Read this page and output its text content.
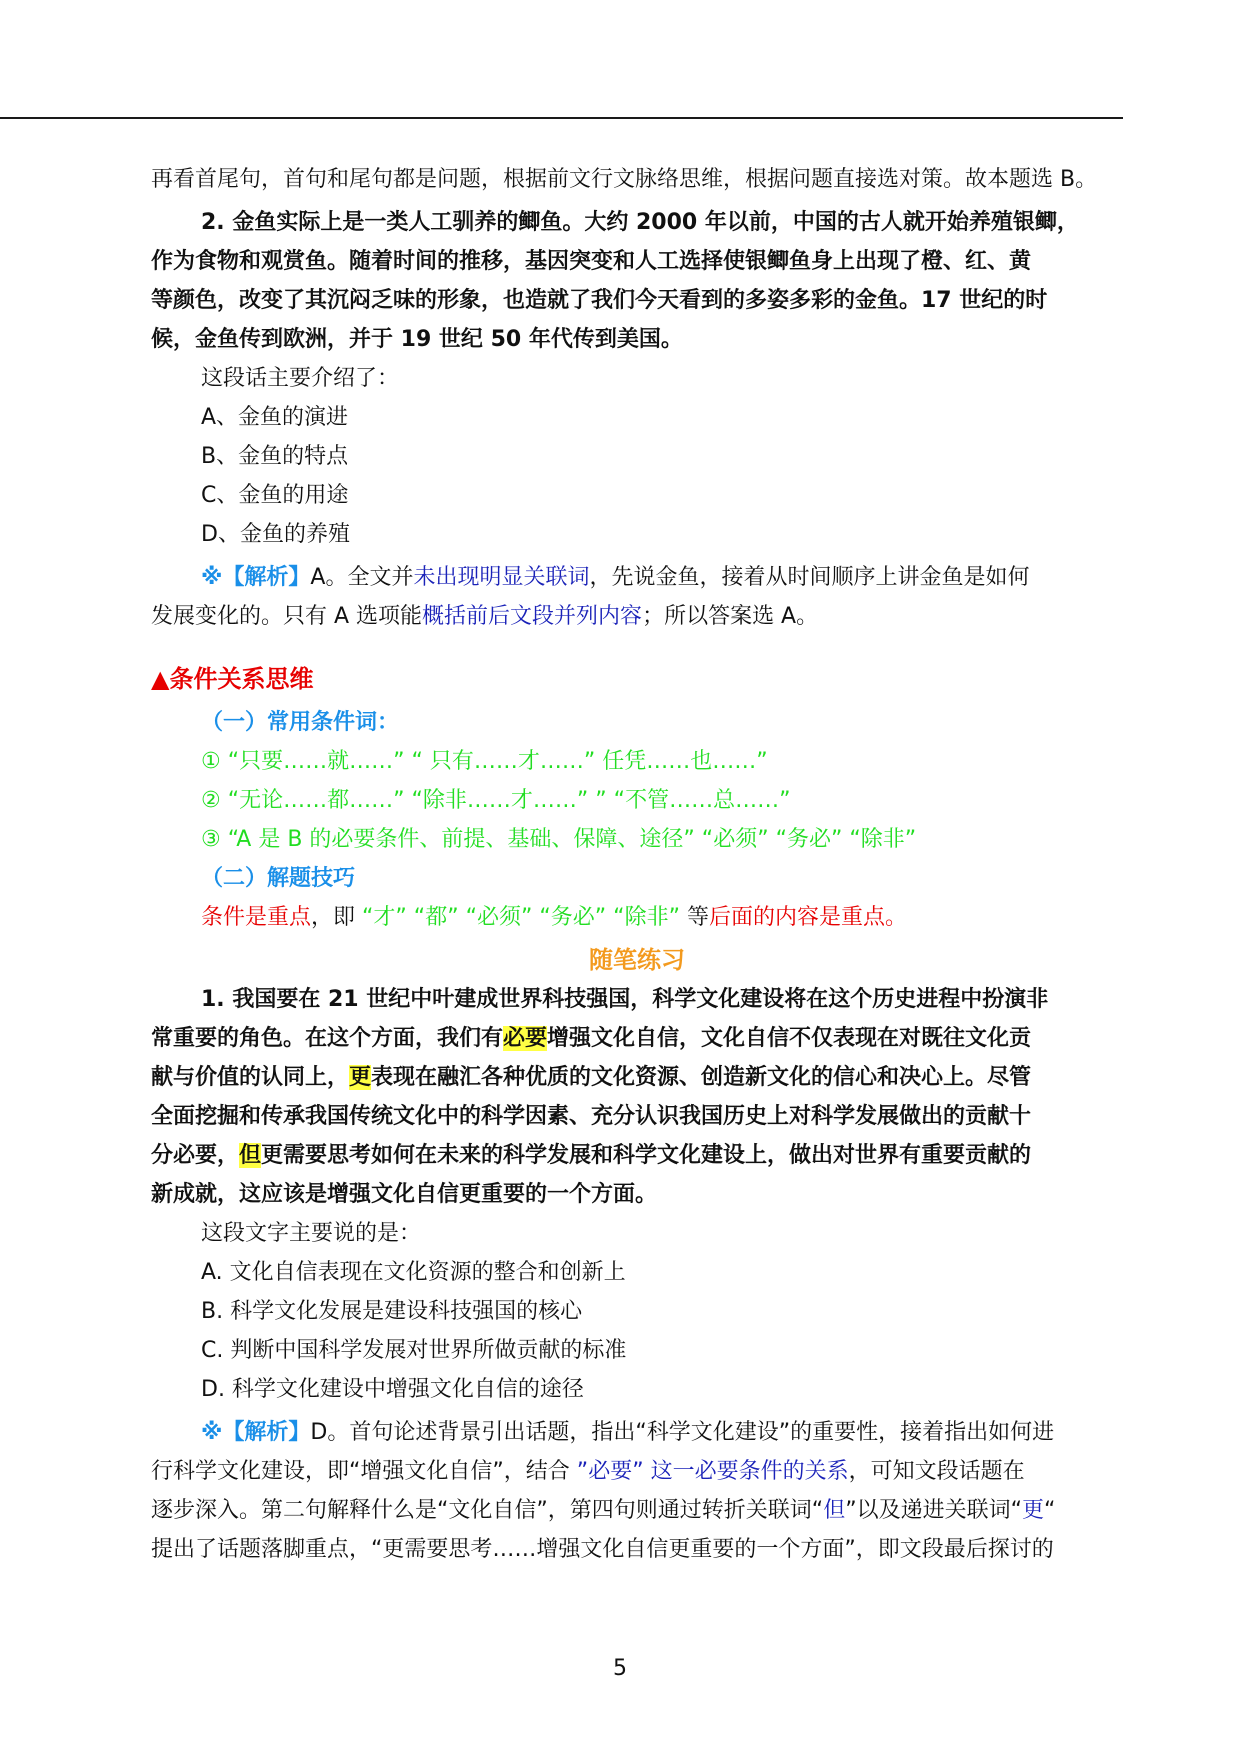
再看首尾句，首句和尾句都是问题，根据前文行文脉络思维，根据问题直接选对策。故本题选 B。
2. 金鱼实际上是一类人工驯养的鲫鱼。大约 2000 年以前，中国的古人就开始养殖银鲫，
作为食物和观赏鱼。随着时间的推移，基因突变和人工选择使银鲫鱼身上出现了橙、红、黄
等颜色，改变了其沉闷乏味的形象，也造就了我们今天看到的多姿多彩的金鱼。17 世纪的时
候，金鱼传到欧洲，并于 19 世纪 50 年代传到美国。
这段话主要介绍了：
A、金鱼的演进
B、金鱼的特点
C、金鱼的用途
D、金鱼的养殖
※【解析】A。全文并未出现明显关联词，先说金鱼，接着从时间顺序上讲金鱼是如何
发展变化的。只有 A 选项能概括前后文段并列内容；所以答案选 A。
▲条件关系思维
（一）常用条件词：
① “只要……就……” “ 只有……才……” 任凭……也……”
② “无论……都……” “除非……才……” ” “不管……总……”
③ “A 是 B 的必要条件、前提、基础、保障、途径” “必须” “务必” “除非”
（二）解题技巧
条件是重点，即 “才” “都” “必须” “务必” “除非” 等后面的内容是重点。
随笔练习
1. 我国要在 21 世纪中叶建成世界科技强国，科学文化建设将在这个历史进程中扮演非
常重要的角色。在这个方面，我们有必要增强文化自信，文化自信不仅表现在对既往文化贡
献与价值的认同上，更表现在融汇各种优质的文化资源、创造新文化的信心和决心上。尽管
全面挖掘和传承我国传统文化中的科学因素、充分认识我国历史上对科学发展做出的贡献十
分必要，但更需要思考如何在未来的科学发展和科学文化建设上，做出对世界有重要贡献的
新成就，这应该是增强文化自信更重要的一个方面。
这段文字主要说的是：
A. 文化自信表现在文化资源的整合和创新上
B. 科学文化发展是建设科技强国的核心
C. 判断中国科学发展对世界所做贡献的标准
D. 科学文化建设中增强文化自信的途径
※【解析】D。首句论述背景引出话题，指出“科学文化建设”的重要性，接着指出如何进
行科学文化建设，即“增强文化自信”，结合 ”必要” 这一必要条件的关系，可知文段话题在
逐步深入。第二句解释什么是“文化自信”，第四句则通过转折关联词“但”以及递进关联词“更“
提出了话题落脚重点，“更需要思考……增强文化自信更重要的一个方面”，即文段最后探讨的
5
